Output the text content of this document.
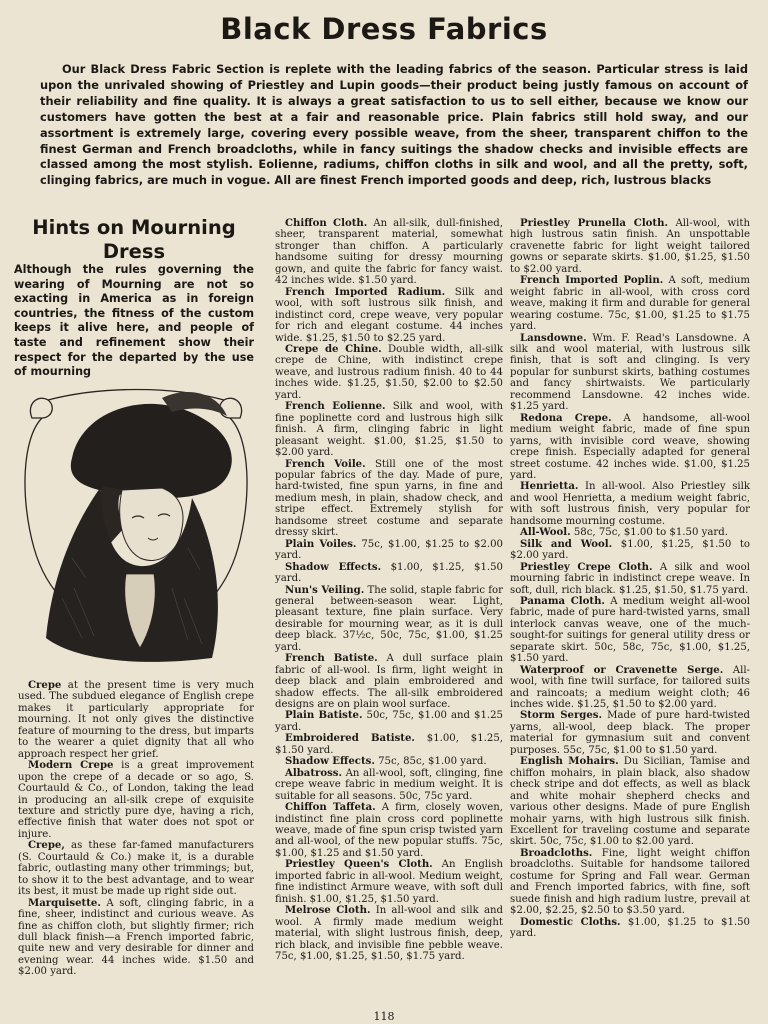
Black Dress Fabrics

Our Black Dress Fabric Section is replete with the leading fabrics of the season. Particular stress is laid upon the unrivaled showing of Priestley and Lupin goods—their product being justly famous on account of their reliability and fine quality. It is always a great satisfaction to us to sell either, because we know our customers have gotten the best at a fair and reasonable price. Plain fabrics still hold sway, and our assortment is extremely large, covering every possible weave, from the sheer, transparent chiffon to the finest German and French broadcloths, while in fancy suitings the shadow checks and invisible effects are classed among the most stylish. Eolienne, radiums, chiffon cloths in silk and wool, and all the pretty, soft, clinging fabrics, are much in vogue. All are finest French imported goods and deep, rich, lustrous blacks

Hints on Mourning Dress

Although the rules governing the wearing of Mourning are not so exacting in America as in foreign countries, the fitness of the custom keeps it alive here, and people of taste and refinement show their respect for the departed by the use of mourning

Crepe at the present time is very much used. The subdued elegance of English crepe makes it particularly appropriate for mourning. It not only gives the distinctive feature of mourning to the dress, but imparts to the wearer a quiet dignity that all who approach respect her grief.

Modern Crepe is a great improvement upon the crepe of a decade or so ago, S. Courtauld & Co., of London, taking the lead in producing an all-silk crepe of exquisite texture and strictly pure dye, having a rich, effective finish that water does not spot or injure.

Crepe, as these far-famed manufacturers (S. Courtauld & Co.) make it, is a durable fabric, outlasting many other trimmings; but, to show it to the best advantage, and to wear its best, it must be made up right side out.

Marquisette. A soft, clinging fabric, in a fine, sheer, indistinct and curious weave. As fine as chiffon cloth, but slightly firmer; rich dull black finish—a French imported fabric, quite new and very desirable for dinner and evening wear. 44 inches wide. $1.50 and $2.00 yard.

Chiffon Cloth. An all-silk, dull-finished, sheer, transparent material, somewhat stronger than chiffon. A particularly handsome suiting for dressy mourning gown, and quite the fabric for fancy waist. 42 inches wide. $1.50 yard.

French Imported Radium. Silk and wool, with soft lustrous silk finish, and indistinct cord, crepe weave, very popular for rich and elegant costume. 44 inches wide. $1.25, $1.50 to $2.25 yard.

Crepe de Chine. Double width, all-silk crepe de Chine, with indistinct crepe weave, and lustrous radium finish. 40 to 44 inches wide. $1.25, $1.50, $2.00 to $2.50 yard.

French Eolienne. Silk and wool, with fine poplinette cord and lustrous high silk finish. A firm, clinging fabric in light pleasant weight. $1.00, $1.25, $1.50 to $2.00 yard.

French Voile. Still one of the most popular fabrics of the day. Made of pure, hard-twisted, fine spun yarns, in fine and medium mesh, in plain, shadow check, and stripe effect. Extremely stylish for handsome street costume and separate dressy skirt.

Plain Voiles. 75c, $1.00, $1.25 to $2.00 yard.

Shadow Effects. $1.00, $1.25, $1.50 yard.

Nun's Veiling. The solid, staple fabric for general between-season wear. Light, pleasant texture, fine plain surface. Very desirable for mourning wear, as it is dull deep black. 37½c, 50c, 75c, $1.00, $1.25 yard.

French Batiste. A dull surface plain fabric of all-wool. Is firm, light weight in deep black and plain embroidered and shadow effects. The all-silk embroidered designs are on plain wool surface.

Plain Batiste. 50c, 75c, $1.00 and $1.25 yard.

Embroidered Batiste. $1.00, $1.25, $1.50 yard.

Shadow Effects. 75c, 85c, $1.00 yard.

Albatross. An all-wool, soft, clinging, fine crepe weave fabric in medium weight. It is suitable for all seasons. 50c, 75c yard.

Chiffon Taffeta. A firm, closely woven, indistinct fine plain cross cord poplinette weave, made of fine spun crisp twisted yarn and all-wool, of the new popular stuffs. 75c, $1.00, $1.25 and $1.50 yard.

Priestley Queen's Cloth. An English imported fabric in all-wool. Medium weight, fine indistinct Armure weave, with soft dull finish. $1.00, $1.25, $1.50 yard.

Melrose Cloth. In all-wool and silk and wool. A firmly made medium weight material, with slight lustrous finish, deep, rich black, and invisible fine pebble weave. 75c, $1.00, $1.25, $1.50, $1.75 yard.

Priestley Prunella Cloth. All-wool, with high lustrous satin finish. An unspottable cravenette fabric for light weight tailored gowns or separate skirts. $1.00, $1.25, $1.50 to $2.00 yard.

French Imported Poplin. A soft, medium weight fabric in all-wool, with cross cord weave, making it firm and durable for general wearing costume. 75c, $1.00, $1.25 to $1.75 yard.

Lansdowne. Wm. F. Read's Lansdowne. A silk and wool material, with lustrous silk finish, that is soft and clinging. Is very popular for sunburst skirts, bathing costumes and fancy shirtwaists. We particularly recommend Lansdowne. 42 inches wide. $1.25 yard.

Redona Crepe. A handsome, all-wool medium weight fabric, made of fine spun yarns, with invisible cord weave, showing crepe finish. Especially adapted for general street costume. 42 inches wide. $1.00, $1.25 yard.

Henrietta. In all-wool. Also Priestley silk and wool Henrietta, a medium weight fabric, with soft lustrous finish, very popular for handsome mourning costume.

All-Wool. 58c, 75c, $1.00 to $1.50 yard.

Silk and Wool. $1.00, $1.25, $1.50 to $2.00 yard.

Priestley Crepe Cloth. A silk and wool mourning fabric in indistinct crepe weave. In soft, dull, rich black. $1.25, $1.50, $1.75 yard.

Panama Cloth. A medium weight all-wool fabric, made of pure hard-twisted yarns, small interlock canvas weave, one of the much-sought-for suitings for general utility dress or separate skirt. 50c, 58c, 75c, $1.00, $1.25, $1.50 yard.

Waterproof or Cravenette Serge. All-wool, with fine twill surface, for tailored suits and raincoats; a medium weight cloth; 46 inches wide. $1.25, $1.50 to $2.00 yard.

Storm Serges. Made of pure hard-twisted yarns, all-wool, deep black. The proper material for gymnasium suit and convent purposes. 55c, 75c, $1.00 to $1.50 yard.

English Mohairs. Du Sicilian, Tamise and chiffon mohairs, in plain black, also shadow check stripe and dot effects, as well as black and white mohair shepherd checks and various other designs. Made of pure English mohair yarns, with high lustrous silk finish. Excellent for traveling costume and separate skirt. 50c, 75c, $1.00 to $2.00 yard.

Broadcloths. Fine, light weight chiffon broadcloths. Suitable for handsome tailored costume for Spring and Fall wear. German and French imported fabrics, with fine, soft suede finish and high radium lustre, prevail at $2.00, $2.25, $2.50 to $3.50 yard.

Domestic Cloths. $1.00, $1.25 to $1.50 yard.

118
